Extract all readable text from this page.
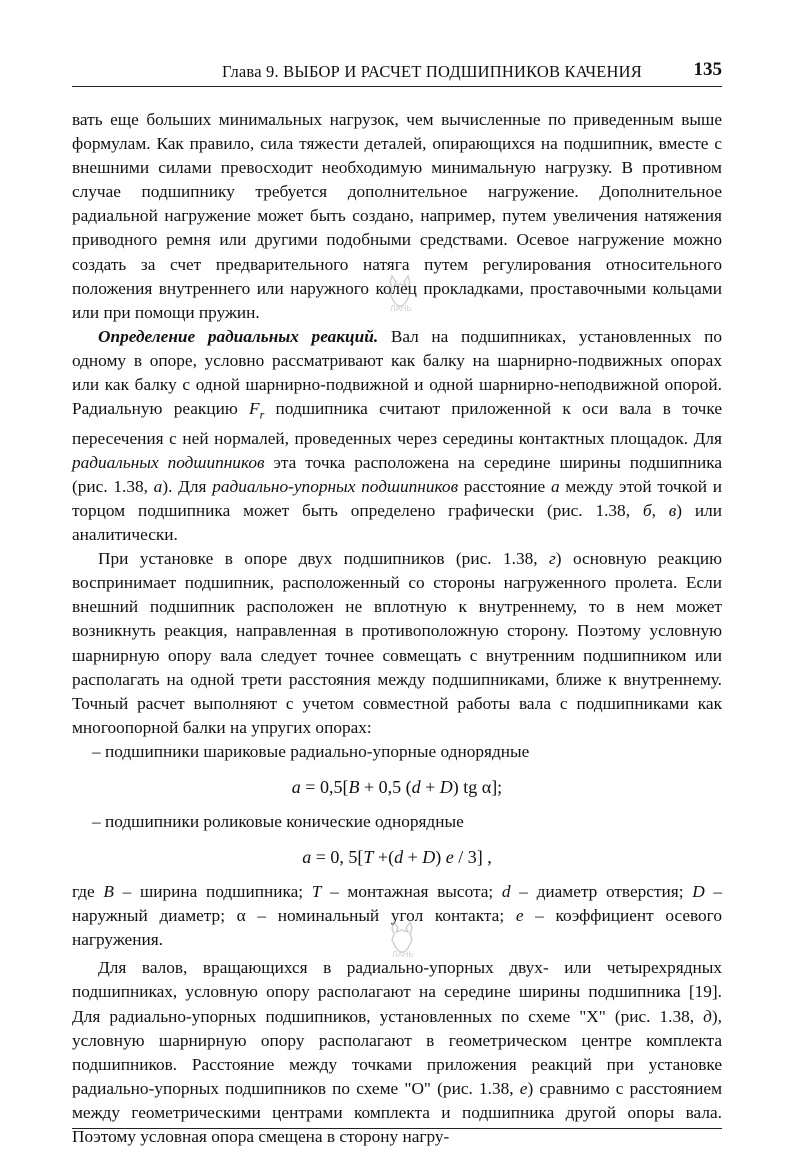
Глава 9. ВЫБОР И РАСЧЕТ ПОДШИПНИКОВ КАЧЕНИЯ	135

вать еще больших минимальных нагрузок, чем вычисленные по приведенным выше формулам. Как правило, сила тяжести деталей, опирающихся на подшипник, вместе с внешними силами превосходит необходимую минимальную нагрузку. В противном случае подшипнику требуется дополнительное нагружение. Дополнительное радиальной нагружение может быть создано, например, путем увеличения натяжения приводного ремня или другими подобными средствами. Осевое нагружение можно создать за счет предварительного натяга путем регулирования относительного положения внутреннего или наружного колец прокладками, проставочными кольцами или при помощи пружин.

Определение радиальных реакций. Вал на подшипниках, установленных по одному в опоре, условно рассматривают как балку на шарнирно-подвижных опорах или как балку с одной шарнирно-подвижной и одной шарнирно-неподвижной опорой. Радиальную реакцию $F_r$ подшипника считают приложенной к оси вала в точке пересечения с ней нормалей, проведенных через середины контактных площадок. Для радиальных подшипников эта точка расположена на середине ширины подшипника (рис. 1.38, а). Для радиально-упорных подшипников расстояние а между этой точкой и торцом подшипника может быть определено графически (рис. 1.38, б, в) или аналитически.

При установке в опоре двух подшипников (рис. 1.38, г) основную реакцию воспринимает подшипник, расположенный со стороны нагруженного пролета. Если внешний подшипник расположен не вплотную к внутреннему, то в нем может возникнуть реакция, направленная в противоположную сторону. Поэтому условную шарнирную опору вала следует точнее совмещать с внутренним подшипником или располагать на одной трети расстояния между подшипниками, ближе к внутреннему. Точный расчет выполняют с учетом совместной работы вала с подшипниками как многоопорной балки на упругих опорах:

– подшипники шариковые радиально-упорные однорядные

a = 0,5[B + 0,5 (d + D) tg α];

– подшипники роликовые конические однорядные

a = 0, 5[T +(d + D) e / 3] ,

где B – ширина подшипника; T – монтажная высота; d – диаметр отверстия; D – наружный диаметр; α – номинальный угол контакта; e – коэффициент осевого нагружения.

Для валов, вращающихся в радиально-упорных двух- или четырехрядных подшипниках, условную опору располагают на середине ширины подшипника [19]. Для радиально-упорных подшипников, установленных по схеме "X" (рис. 1.38, д), условную шарнирную опору располагают в геометрическом центре комплекта подшипников. Расстояние между точками приложения реакций при установке радиально-упорных подшипников по схеме "O" (рис. 1.38, е) сравнимо с расстоянием между геометрическими центрами комплекта и подшипника другой опоры вала. Поэтому условная опора смещена в сторону нагру-

ЛАНЬ
ЛАНЬ
